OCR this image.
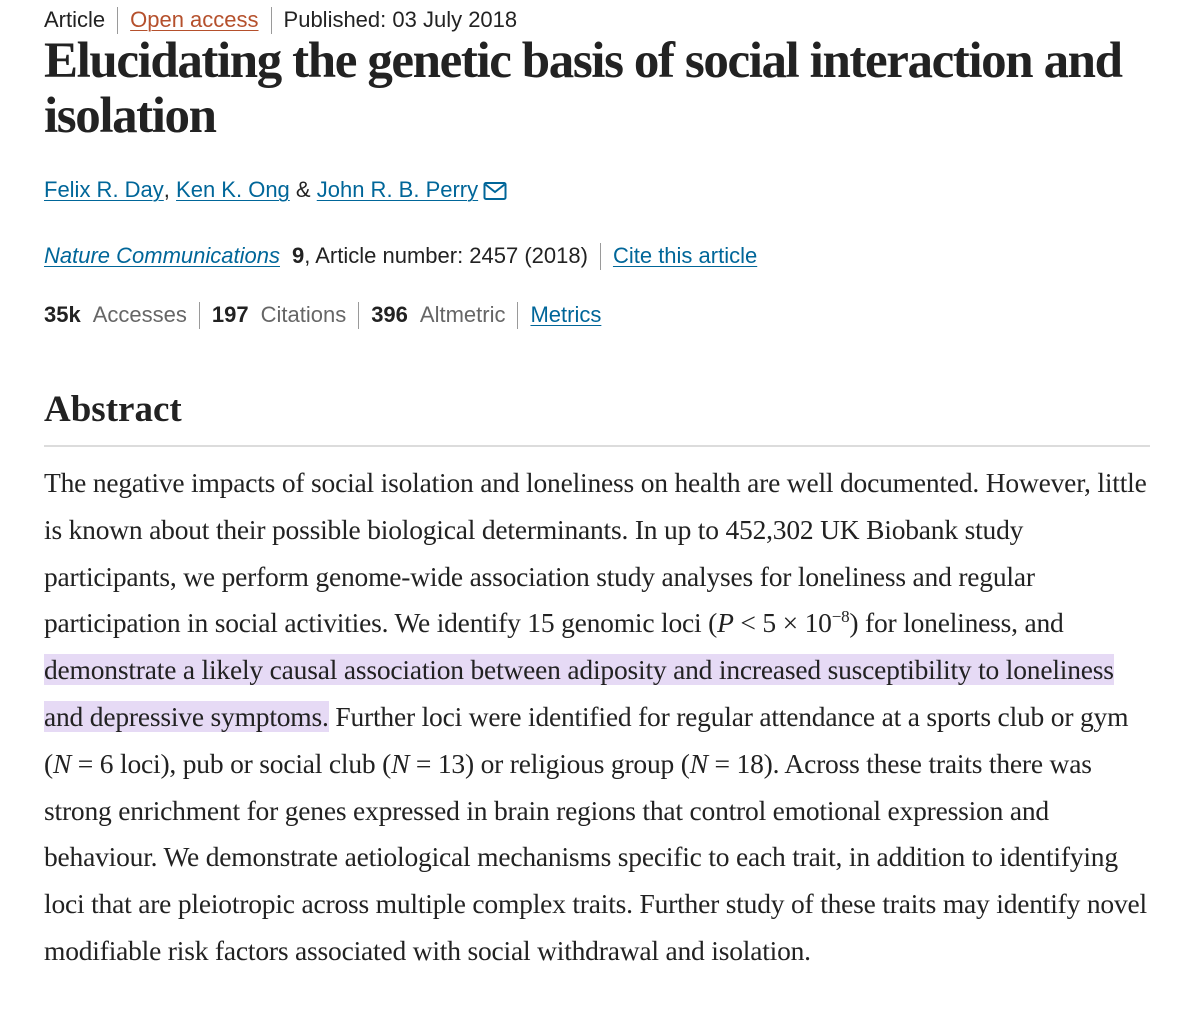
Article Open access Published: 03 July 2018
Elucidating the genetic basis of social interaction and isolation
Felix R. Day ,
Ken K. Ong
&
John R. B. Perry
Nature Communications 9 , Article number: 2457 (2018) Cite this article
35k Accesses 197 Citations 396 Altmetric Metrics
Abstract

The negative impacts of social isolation and loneliness on health are well documented. However, little is known about their possible biological determinants. In up to 452,302 UK Biobank study participants, we perform genome-wide association study analyses for loneliness and regular participation in social activities. We identify 15 genomic loci $(P < 5 \times 10^{-8})$ for loneliness, and demonstrate a likely causal association between adiposity and increased susceptibility to loneliness and depressive symptoms. Further loci were identified for regular attendance at a sports club or gym (N = 6 loci), pub or social club (N = 13) or religious group (N = 18). Across these traits there was strong enrichment for genes expressed in brain regions that control emotional expression and behaviour. We demonstrate aetiological mechanisms specific to each trait, in addition to identifying loci that are pleiotropic across multiple complex traits. Further study of these traits may identify novel modifiable risk factors associated with social withdrawal and isolation.
